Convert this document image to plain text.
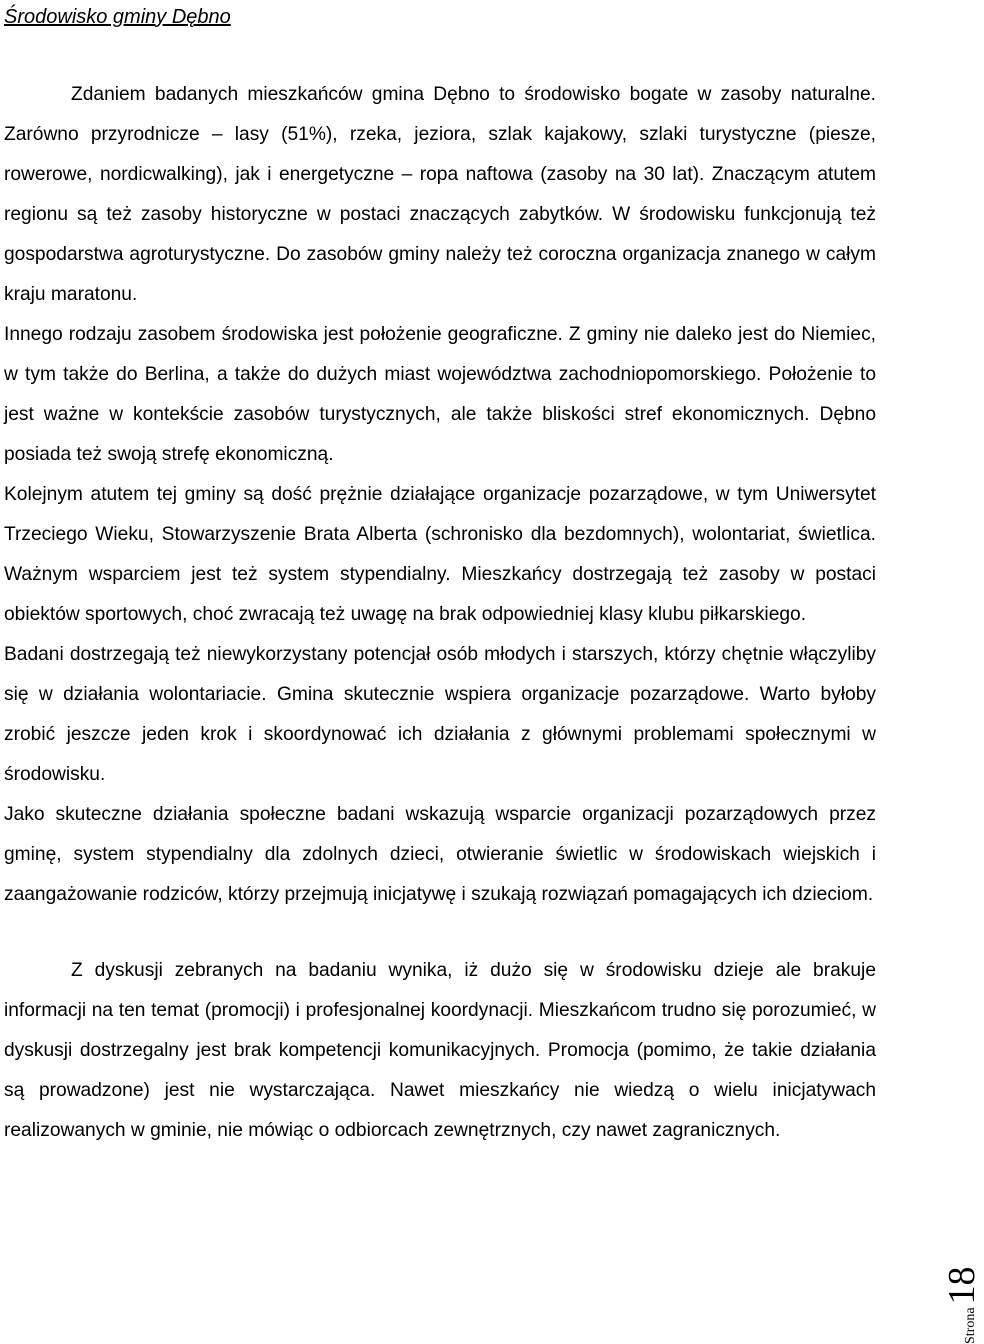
Środowisko gminy Dębno

Zdaniem badanych mieszkańców gmina Dębno to środowisko bogate w zasoby naturalne. Zarówno przyrodnicze – lasy (51%), rzeka, jeziora, szlak kajakowy, szlaki turystyczne (piesze, rowerowe, nordicwalking), jak i energetyczne – ropa naftowa (zasoby na 30 lat). Znaczącym atutem regionu są też zasoby historyczne w postaci znaczących zabytków. W środowisku funkcjonują też gospodarstwa agroturystyczne. Do zasobów gminy należy też coroczna organizacja znanego w całym kraju maratonu.

Innego rodzaju zasobem środowiska jest położenie geograficzne. Z gminy nie daleko jest do Niemiec, w tym także do Berlina, a także do dużych miast województwa zachodniopomorskiego. Położenie to jest ważne w kontekście zasobów turystycznych, ale także bliskości stref ekonomicznych. Dębno posiada też swoją strefę ekonomiczną.

Kolejnym atutem tej gminy są dość prężnie działające organizacje pozarządowe, w tym Uniwersytet Trzeciego Wieku, Stowarzyszenie Brata Alberta (schronisko dla bezdomnych), wolontariat, świetlica. Ważnym wsparciem jest też system stypendialny. Mieszkańcy dostrzegają też zasoby w postaci obiektów sportowych, choć zwracają też uwagę na brak odpowiedniej klasy klubu piłkarskiego.

Badani dostrzegają też niewykorzystany potencjał osób młodych i starszych, którzy chętnie włączyliby się w działania wolontariacie. Gmina skutecznie wspiera organizacje pozarządowe. Warto byłoby zrobić jeszcze jeden krok i skoordynować ich działania z głównymi problemami społecznymi w środowisku.

Jako skuteczne działania społeczne badani wskazują wsparcie organizacji pozarządowych przez gminę, system stypendialny dla zdolnych dzieci, otwieranie świetlic w środowiskach wiejskich i zaangażowanie rodziców, którzy przejmują inicjatywę i szukają rozwiązań pomagających ich dzieciom.

Z dyskusji zebranych na badaniu wynika, iż dużo się w środowisku dzieje ale brakuje informacji na ten temat (promocji) i profesjonalnej koordynacji. Mieszkańcom trudno się porozumieć, w dyskusji dostrzegalny jest brak kompetencji komunikacyjnych. Promocja (pomimo, że takie działania są prowadzone) jest nie wystarczająca. Nawet mieszkańcy nie wiedzą o wielu inicjatywach realizowanych w gminie, nie mówiąc o odbiorcach zewnętrznych, czy nawet zagranicznych.

Strona18
